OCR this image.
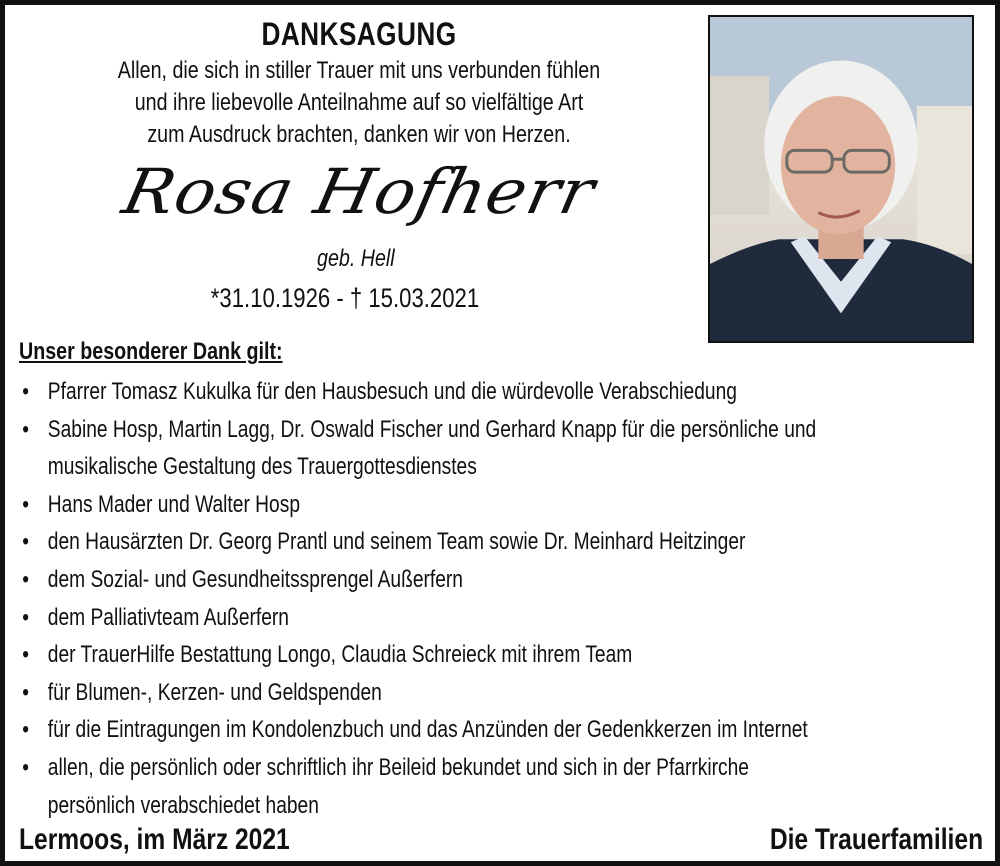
DANKSAGUNG
Allen, die sich in stiller Trauer mit uns verbunden fühlen
und ihre liebevolle Anteilnahme auf so vielfältige Art
zum Ausdruck brachten, danken wir von Herzen.
Rosa Hofherr
geb. Hell
*31.10.1926 - † 15.03.2021
Unser besonderer Dank gilt:
• Pfarrer Tomasz Kukulka für den Hausbesuch und die würdevolle Verabschiedung
• Sabine Hosp, Martin Lagg, Dr. Oswald Fischer und Gerhard Knapp für die persönliche und
musikalische Gestaltung des Trauergottesdienstes
• Hans Mader und Walter Hosp
• den Hausärzten Dr. Georg Prantl und seinem Team sowie Dr. Meinhard Heitzinger
• dem Sozial- und Gesundheitssprengel Außerfern
• dem Palliativteam Außerfern
• der TrauerHilfe Bestattung Longo, Claudia Schreieck mit ihrem Team
• für Blumen-, Kerzen- und Geldspenden
• für die Eintragungen im Kondolenzbuch und das Anzünden der Gedenkkerzen im Internet
• allen, die persönlich oder schriftlich ihr Beileid bekundet und sich in der Pfarrkirche
persönlich verabschiedet haben
Lermoos, im März 2021	Die Trauerfamilien
